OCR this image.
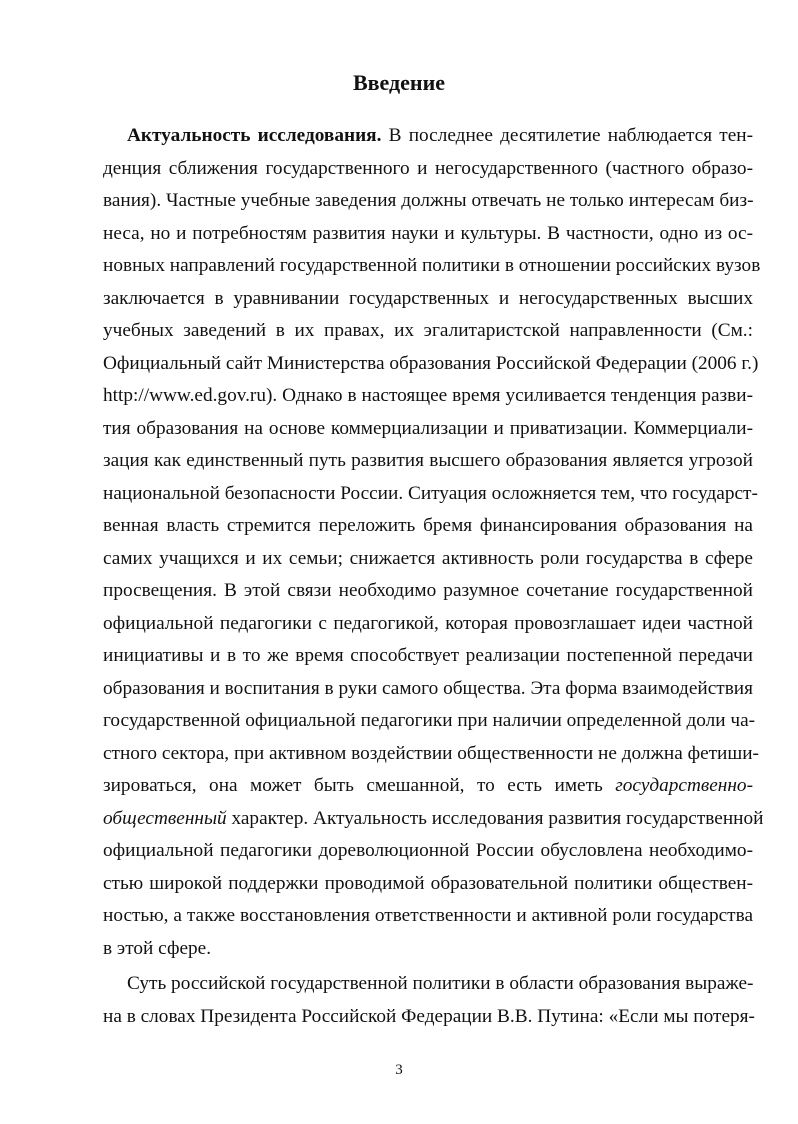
Введение
Актуальность исследования. В последнее десятилетие наблюдается тен-
денция сближения государственного и негосударственного (частного образо-
вания). Частные учебные заведения должны отвечать не только интересам биз-
неса, но и потребностям развития науки и культуры. В частности, одно из ос-
новных направлений государственной политики в отношении российских вузов
заключается в уравнивании государственных и негосударственных высших
учебных заведений в их правах, их эгалитаристской направленности (См.:
Официальный сайт Министерства образования Российской Федерации (2006 г.)
http://www.ed.gov.ru). Однако в настоящее время усиливается тенденция разви-
тия образования на основе коммерциализации и приватизации. Коммерциали-
зация как единственный путь развития высшего образования является угрозой
национальной безопасности России. Ситуация осложняется тем, что государст-
венная власть стремится переложить бремя финансирования образования на
самих учащихся и их семьи; снижается активность роли государства в сфере
просвещения. В этой связи необходимо разумное сочетание государственной
официальной педагогики с педагогикой, которая провозглашает идеи частной
инициативы и в то же время способствует реализации постепенной передачи
образования и воспитания в руки самого общества. Эта форма взаимодействия
государственной официальной педагогики при наличии определенной доли ча-
стного сектора, при активном воздействии общественности не должна фетиши-
зироваться, она может быть смешанной, то есть иметь государственно-
общественный характер. Актуальность исследования развития государственной
официальной педагогики дореволюционной России обусловлена необходимо-
стью широкой поддержки проводимой образовательной политики обществен-
ностью, а также восстановления ответственности и активной роли государства
в этой сфере.
Суть российской государственной политики в области образования выраже-
на в словах Президента Российской Федерации В.В. Путина: «Если мы потеря-
3
